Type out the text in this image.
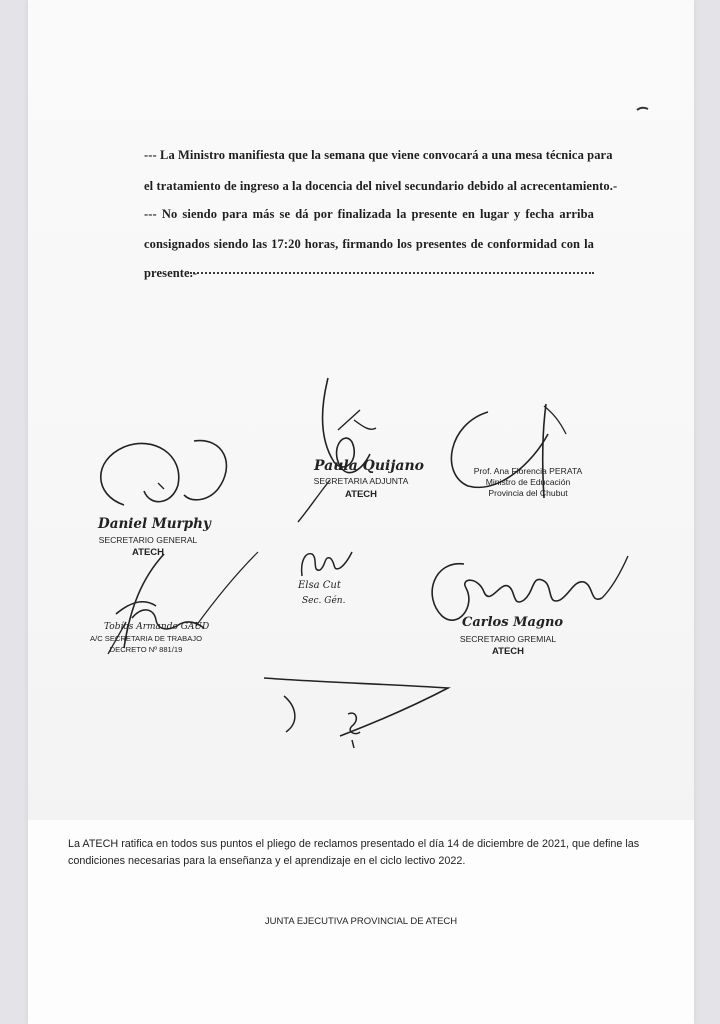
--- La Ministro manifiesta que la semana que viene convocará a una mesa técnica para
el tratamiento de ingreso a la docencia del nivel secundario debido al acrecentamiento.-
--- No siendo para más se dá por finalizada la presente en lugar y fecha arriba
consignados siendo las 17:20 horas, firmando los presentes de conformidad con la
presente.-
Paula Quijano
SECRETARIA ADJUNTA
ATECH
Prof. Ana Florencia PERATA
Ministro de Educación
Provincia del Chubut
Daniel Murphy
SECRETARIO GENERAL
ATECH
Tobías Armando GAUD
A/C SECRETARIA DE TRABAJO
DECRETO Nº 881/19
Elsa Cut
Sec. Gén.
Carlos Magno
SECRETARIO GREMIAL
ATECH
La ATECH ratifica en todos sus puntos el pliego de reclamos presentado el día 14 de diciembre de 2021, que define las condiciones necesarias para la enseñanza y el aprendizaje en el ciclo lectivo 2022.
JUNTA EJECUTIVA PROVINCIAL DE ATECH
